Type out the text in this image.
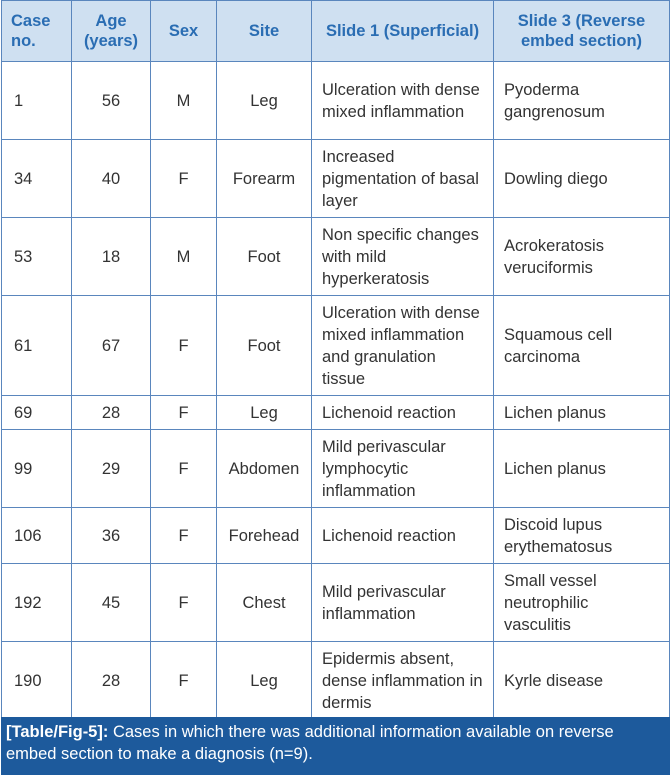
Case no.	Age (years)	Sex	Site	Slide 1 (Superficial)	Slide 3 (Reverse embed section)
1	56	M	Leg	Ulceration with dense mixed inflammation	Pyoderma gangrenosum
34	40	F	Forearm	Increased pigmentation of basal layer	Dowling diego
53	18	M	Foot	Non specific changes with mild hyperkeratosis	Acrokeratosis veruciformis
61	67	F	Foot	Ulceration with dense mixed inflammation and granulation tissue	Squamous cell carcinoma
69	28	F	Leg	Lichenoid reaction	Lichen planus
99	29	F	Abdomen	Mild perivascular lymphocytic inflammation	Lichen planus
106	36	F	Forehead	Lichenoid reaction	Discoid lupus erythematosus
192	45	F	Chest	Mild perivascular inflammation	Small vessel neutrophilic vasculitis
190	28	F	Leg	Epidermis absent, dense inflammation in dermis	Kyrle disease
[Table/Fig-5]: Cases in which there was additional information available on reverse embed section to make a diagnosis (n=9).
